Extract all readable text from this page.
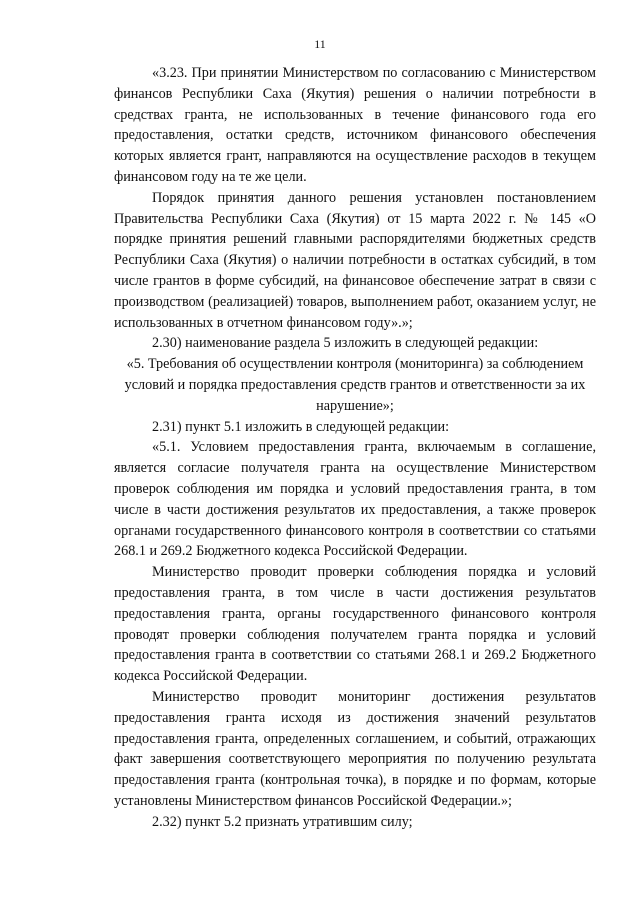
11

«3.23. При принятии Министерством по согласованию с Министерством финансов Республики Саха (Якутия) решения о наличии потребности в средствах гранта, не использованных в течение финансового года его предоставления, остатки средств, источником финансового обеспечения которых является грант, направляются на осуществление расходов в текущем финансовом году на те же цели.

Порядок принятия данного решения установлен постановлением Правительства Республики Саха (Якутия) от 15 марта 2022 г. № 145 «О порядке принятия решений главными распорядителями бюджетных средств Республики Саха (Якутия) о наличии потребности в остатках субсидий, в том числе грантов в форме субсидий, на финансовое обеспечение затрат в связи с производством (реализацией) товаров, выполнением работ, оказанием услуг, не использованных в отчетном финансовом году».»;

2.30) наименование раздела 5 изложить в следующей редакции:

«5. Требования об осуществлении контроля (мониторинга) за соблюдением условий и порядка предоставления средств грантов и ответственности за их нарушение»;

2.31) пункт 5.1 изложить в следующей редакции:

«5.1. Условием предоставления гранта, включаемым в соглашение, является согласие получателя гранта на осуществление Министерством проверок соблюдения им порядка и условий предоставления гранта, в том числе в части достижения результатов их предоставления, а также проверок органами государственного финансового контроля в соответствии со статьями 268.1 и 269.2 Бюджетного кодекса Российской Федерации.

Министерство проводит проверки соблюдения порядка и условий предоставления гранта, в том числе в части достижения результатов предоставления гранта, органы государственного финансового контроля проводят проверки соблюдения получателем гранта порядка и условий предоставления гранта в соответствии со статьями 268.1 и 269.2 Бюджетного кодекса Российской Федерации.

Министерство проводит мониторинг достижения результатов предоставления гранта исходя из достижения значений результатов предоставления гранта, определенных соглашением, и событий, отражающих факт завершения соответствующего мероприятия по получению результата предоставления гранта (контрольная точка), в порядке и по формам, которые установлены Министерством финансов Российской Федерации.»;

2.32) пункт 5.2 признать утратившим силу;
